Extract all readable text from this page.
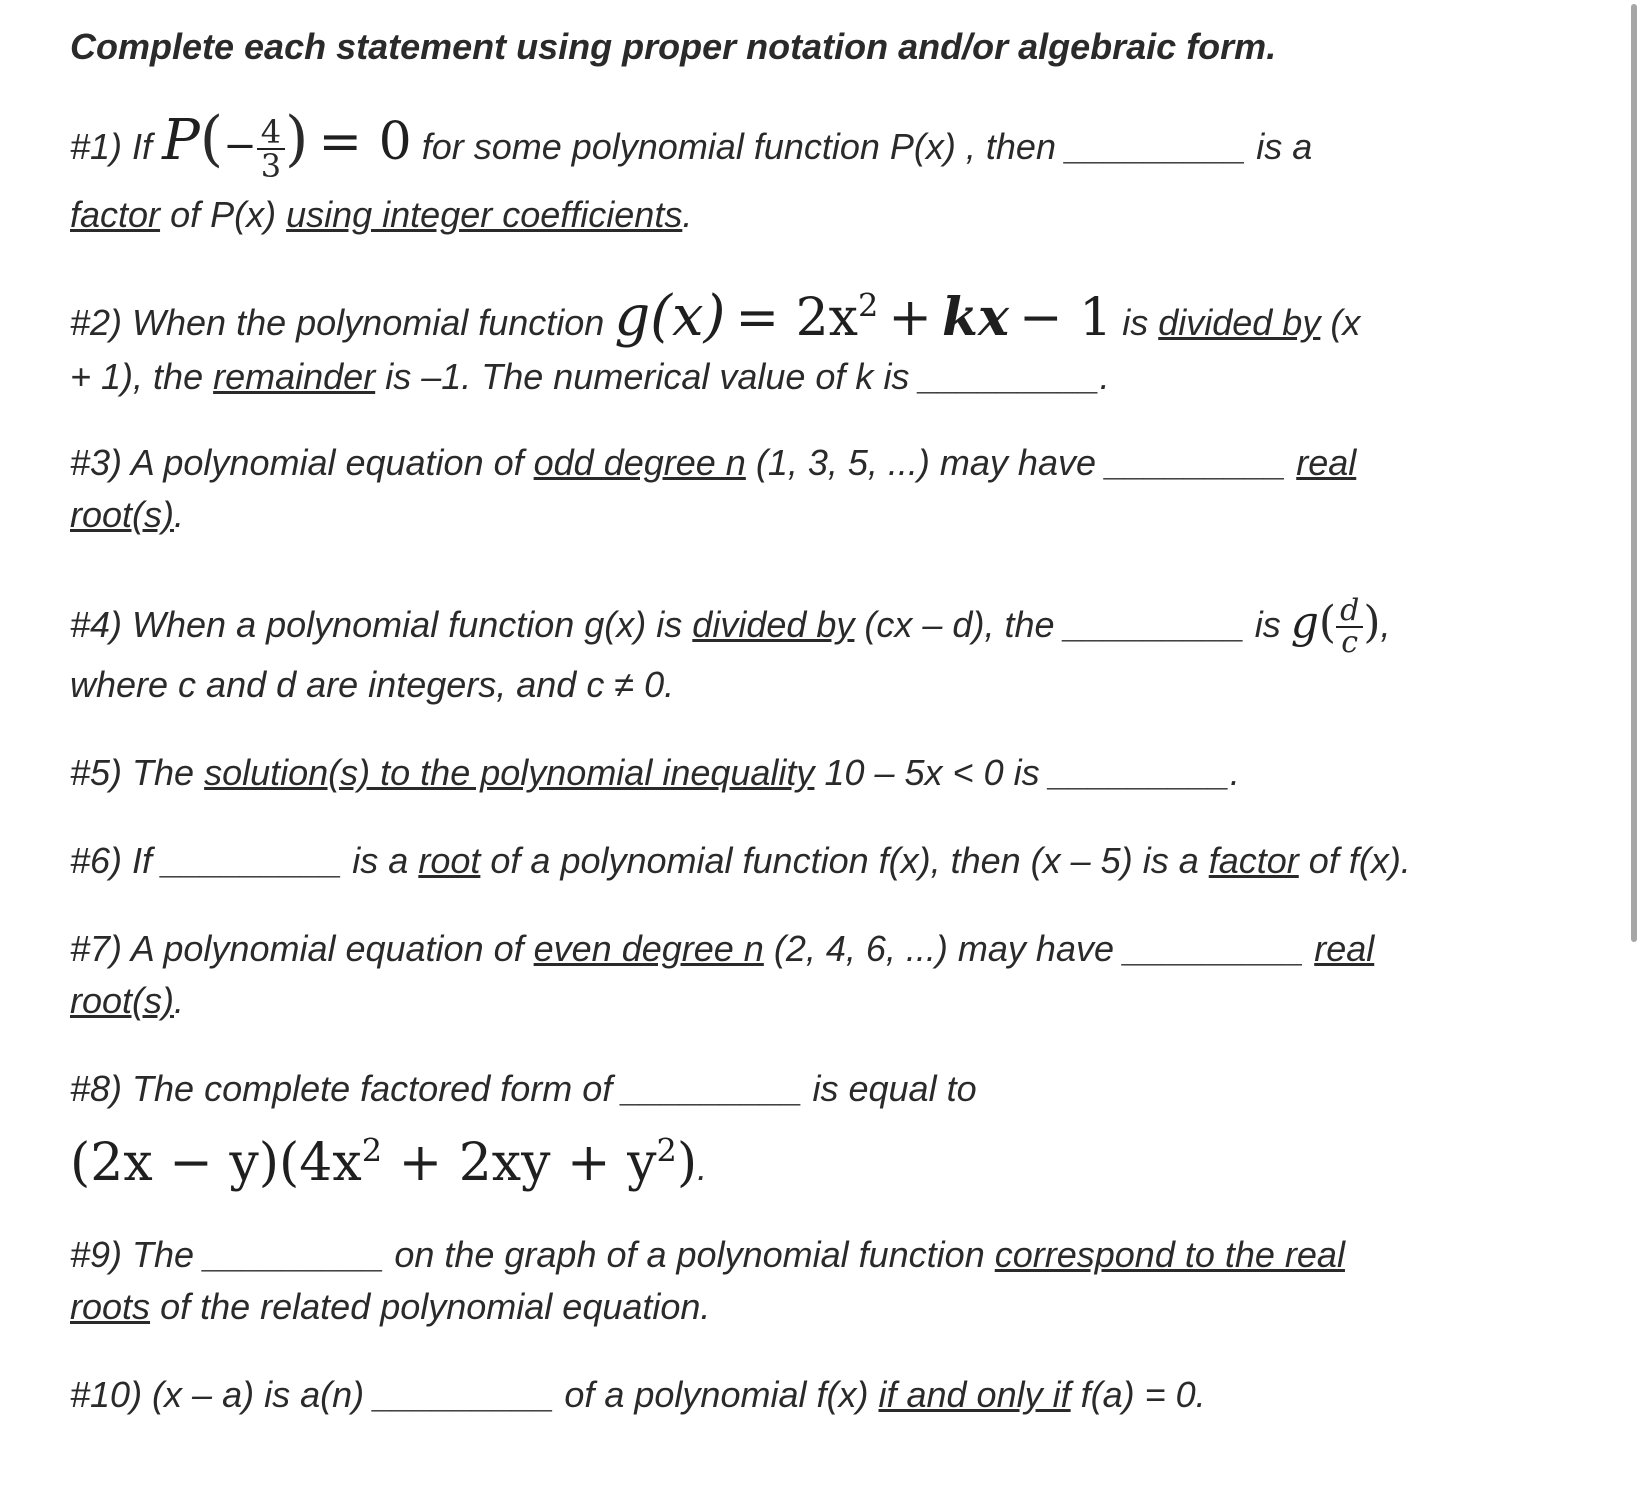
Complete each statement using proper notation and/or algebraic form.
#1) If $P(- \frac{4}{3}$ ) = 0 for some polynomial function P(x) , then _________ is a
factor of P(x) using integer coefficients.
#2) When the polynomial function $g(x) = 2x^2$ + kx − 1 is divided by (x
+ 1), the remainder is –1. The numerical value of k is _________.
#3) A polynomial equation of odd degree n (1, 3, 5, ...) may have _________ real
root(s).
#4) When a polynomial function g(x) is divided by (cx – d), the _________ is $g( \frac{d}{c}$ ),
where c and d are integers, and c ≠ 0.
#5) The solution(s) to the polynomial inequality 10 – 5x < 0 is _________.
#6) If _________ is a root of a polynomial function f(x), then (x – 5) is a factor of f(x).
#7) A polynomial equation of even degree n (2, 4, 6, ...) may have _________ real
root(s).
#8) The complete factored form of _________ is equal to
$(2x - y)(4x^2 + 2xy + y^2)$.
#9) The _________ on the graph of a polynomial function correspond to the real
roots of the related polynomial equation.
#10) (x – a) is a(n) _________ of a polynomial f(x) if and only if f(a) = 0.
